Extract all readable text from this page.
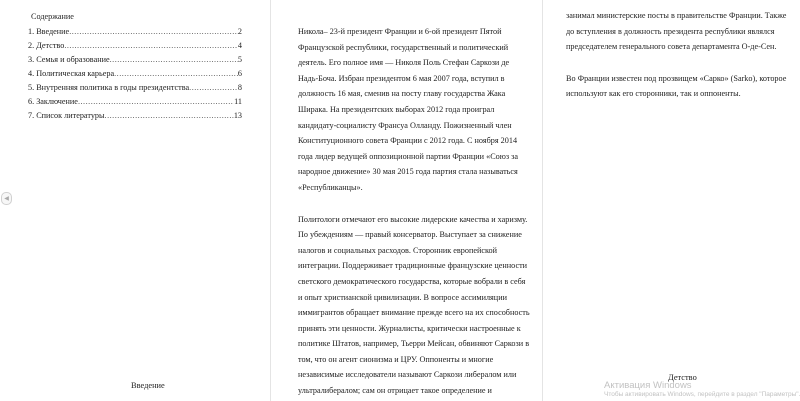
Содержание
1. Введение .....	2
2. Детство .....	4
3. Семья и образование .....	5
4. Политическая карьера .....	6
5. Внутренняя политика в годы президентства .....	8
6. Заключение .....	11
7. Список литературы .....	13
Введение

Никола– 23-й президент Франции и 6-ой президент Пятой Французской республики, государственный и политический деятель. Его полное имя — Николя Поль Стефан Саркози де Надь-Боча. Избран президентом 6 мая 2007 года, вступил в должность 16 мая, сменив на посту главу государства Жака Ширака. На президентских выборах 2012 года проиграл кандидату-социалисту Франсуа Олланду. Пожизненный член Конституционного совета Франции с 2012 года. С ноября 2014 года лидер ведущей оппозиционной партии Франции «Союз за народное движение» 30 мая 2015 года партия стала называться «Республиканцы».

Политологи отмечают его высокие лидерские качества и харизму. По убеждениям — правый консерватор. Выступает за снижение налогов и социальных расходов. Сторонник европейской интеграции. Поддерживает традиционные французские ценности светского демократического государства, которые вобрали в себя и опыт христианской цивилизации. В вопросе ассимиляции иммигрантов обращает внимание прежде всего на их способность принять эти ценности. Журналисты, критически настроенные к политике Штатов, например, Тьерри Мейсан, обвиняют Саркози в том, что он агент сионизма и ЦРУ. Оппоненты и многие независимые исследователи называют Саркози либералом или ультралибералом; сам он отрицает такое определение и

занимал министерские посты в правительстве Франции. Также до вступления в должность президента республики являлся председателем генерального совета департамента О-де-Сен.

Во Франции известен под прозвищем «Сарко» (Sarko), которое используют как его сторонники, так и оппоненты.

Детство
◀
Активация Windows
Чтобы активировать Windows, перейдите в раздел "Параметры".
